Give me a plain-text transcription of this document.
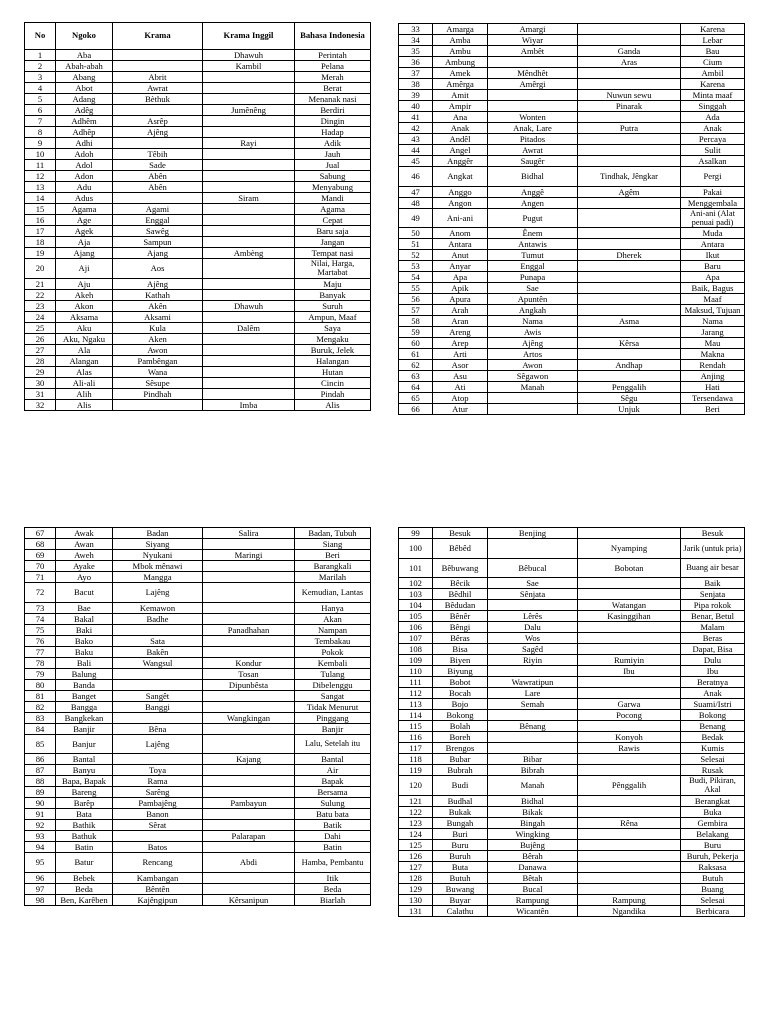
No	Ngoko	Krama	Krama Inggil	Bahasa Indonesia
1	Aba		Dhawuh	Perintah
2	Abah-abah		Kambil	Pelana
3	Abang	Abrit		Merah
4	Abot	Awrat		Berat
5	Adang	Bèthuk		Menanak nasi
6	Adêg		Jumênêng	Berdiri
7	Adhêm	Asrêp		Dingin
8	Adhêp	Ajêng		Hadap
9	Adhi		Rayi	Adik
10	Adoh	Têbih		Jauh
11	Adol	Sade		Jual
12	Adon	Abên		Sabung
13	Adu	Abên		Menyabung
14	Adus		Siram	Mandi
15	Agama	Agami		Agama
16	Age	Enggal		Cepat
17	Agek	Sawêg		Baru saja
18	Aja	Sampun		Jangan
19	Ajang	Ajang	Ambèng	Tempat nasi
20	Aji	Aos		Nilai, Harga, Martabat
21	Aju	Ajêng		Maju
22	Akeh	Kathah		Banyak
23	Akon	Akên	Dhawuh	Suruh
24	Aksama	Aksami		Ampun, Maaf
25	Aku	Kula	Dalêm	Saya
26	Aku, Ngaku	Aken		Mengaku
27	Ala	Awon		Buruk, Jelek
28	Alangan	Pambêngan		Halangan
29	Alas	Wana		Hutan
30	Ali-ali	Sêsupe		Cincin
31	Alih	Pindhah		Pindah
32	Alis		Imba	Alis
33	Amarga	Amargi		Karena
34	Amba	Wiyar		Lebar
35	Ambu	Ambêt	Ganda	Bau
36	Ambung		Aras	Cium
37	Amek	Mêndhêt		Ambil
38	Amêrga	Amêrgi		Karena
39	Amit		Nuwun sewu	Minta maaf
40	Ampir		Pinarak	Singgah
41	Ana	Wonten		Ada
42	Anak	Anak, Lare	Putra	Anak
43	Andêl	Pitados		Percaya
44	Angel	Awrat		Sulit
45	Anggêr	Saugêr		Asalkan
46	Angkat	Bidhal	Tindhak, Jêngkar	Pergi
47	Anggo	Anggê	Agêm	Pakai
48	Angon	Angen		Menggembala
49	Ani-ani	Pugut		Ani-ani (Alat penuai padi)
50	Anom	Ênem		Muda
51	Antara	Antawis		Antara
52	Anut	Tumut	Dherek	Ikut
53	Anyar	Enggal		Baru
54	Apa	Punapa		Apa
55	Apik	Sae		Baik, Bagus
56	Apura	Apuntên		Maaf
57	Arah	Angkah		Maksud, Tujuan
58	Aran	Nama	Asma	Nama
59	Areng	Awis		Jarang
60	Arep	Ajêng	Kêrsa	Mau
61	Arti	Artos		Makna
62	Asor	Awon	Andhap	Rendah
63	Asu	Sêgawon		Anjing
64	Ati	Manah	Penggalih	Hati
65	Atop		Sêgu	Tersendawa
66	Atur		Unjuk	Beri
67	Awak	Badan	Salira	Badan, Tubuh
68	Awan	Siyang		Siang
69	Aweh	Nyukani	Maringi	Beri
70	Ayake	Mbok mênawi		Barangkali
71	Ayo	Mangga		Marilah
72	Bacut	Lajêng		Kemudian, Lantas
73	Bae	Kemawon		Hanya
74	Bakal	Badhe		Akan
75	Baki		Panadhahan	Nampan
76	Bako	Sata		Tembakau
77	Baku	Bakên		Pokok
78	Bali	Wangsul	Kondur	Kembali
79	Balung		Tosan	Tulang
80	Banda		Dipunbêsta	Dibelenggu
81	Banget	Sangêt		Sangat
82	Bangga	Banggi		Tidak Menurut
83	Bangkekan		Wangkingan	Pinggang
84	Banjir	Bêna		Banjir
85	Banjur	Lajêng		Lalu, Setelah itu
86	Bantal		Kajang	Bantal
87	Banyu	Toya		Air
88	Bapa, Bapak	Rama		Bapak
89	Bareng	Sarêng		Bersama
90	Barêp	Pambajêng	Pambayun	Sulung
91	Bata	Banon		Batu bata
92	Bathik	Sêrat		Batik
93	Bathuk		Palarapan	Dahi
94	Batin	Batos		Batin
95	Batur	Rencang	Abdi	Hamba, Pembantu
96	Bebek	Kambangan		Itik
97	Beda	Bêntên		Beda
98	Ben, Karêben	Kajêngipun	Kêrsanipun	Biarlah
99	Besuk	Benjing		Besuk
100	Bêbêd		Nyamping	Jarik (untuk pria)
101	Bêbuwang	Bêbucal	Bobotan	Buang air besar
102	Bêcik	Sae		Baik
103	Bêdhil	Sênjata		Senjata
104	Bêdudan		Watangan	Pipa rokok
105	Bênêr	Lêrês	Kasinggihan	Benar, Betul
106	Bêngi	Dalu		Malam
107	Bêras	Wos		Beras
108	Bisa	Sagêd		Dapat, Bisa
109	Biyen	Riyin	Rumiyin	Dulu
110	Biyung		Ibu	Ibu
111	Bobot	Wawratipun		Beratnya
112	Bocah	Lare		Anak
113	Bojo	Semah	Garwa	Suami/Istri
114	Bokong		Pocong	Bokong
115	Bolah	Bênang		Benang
116	Boreh		Konyoh	Bedak
117	Brengos		Rawis	Kumis
118	Bubar	Bibar		Selesai
119	Bubrah	Bibrah		Rusak
120	Budi	Manah	Pênggalih	Budi, Pikiran, Akal
121	Budhal	Bidhal		Berangkat
122	Bukak	Bikak		Buka
123	Bungah	Bingah	Rêna	Gembira
124	Buri	Wingking		Belakang
125	Buru	Bujêng		Buru
126	Buruh	Bêrah		Buruh, Pekerja
127	Buta	Danawa		Raksasa
128	Butuh	Bêtah		Butuh
129	Buwang	Bucal		Buang
130	Buyar	Rampung	Rampung	Selesai
131	Calathu	Wicantên	Ngandika	Berbicara
